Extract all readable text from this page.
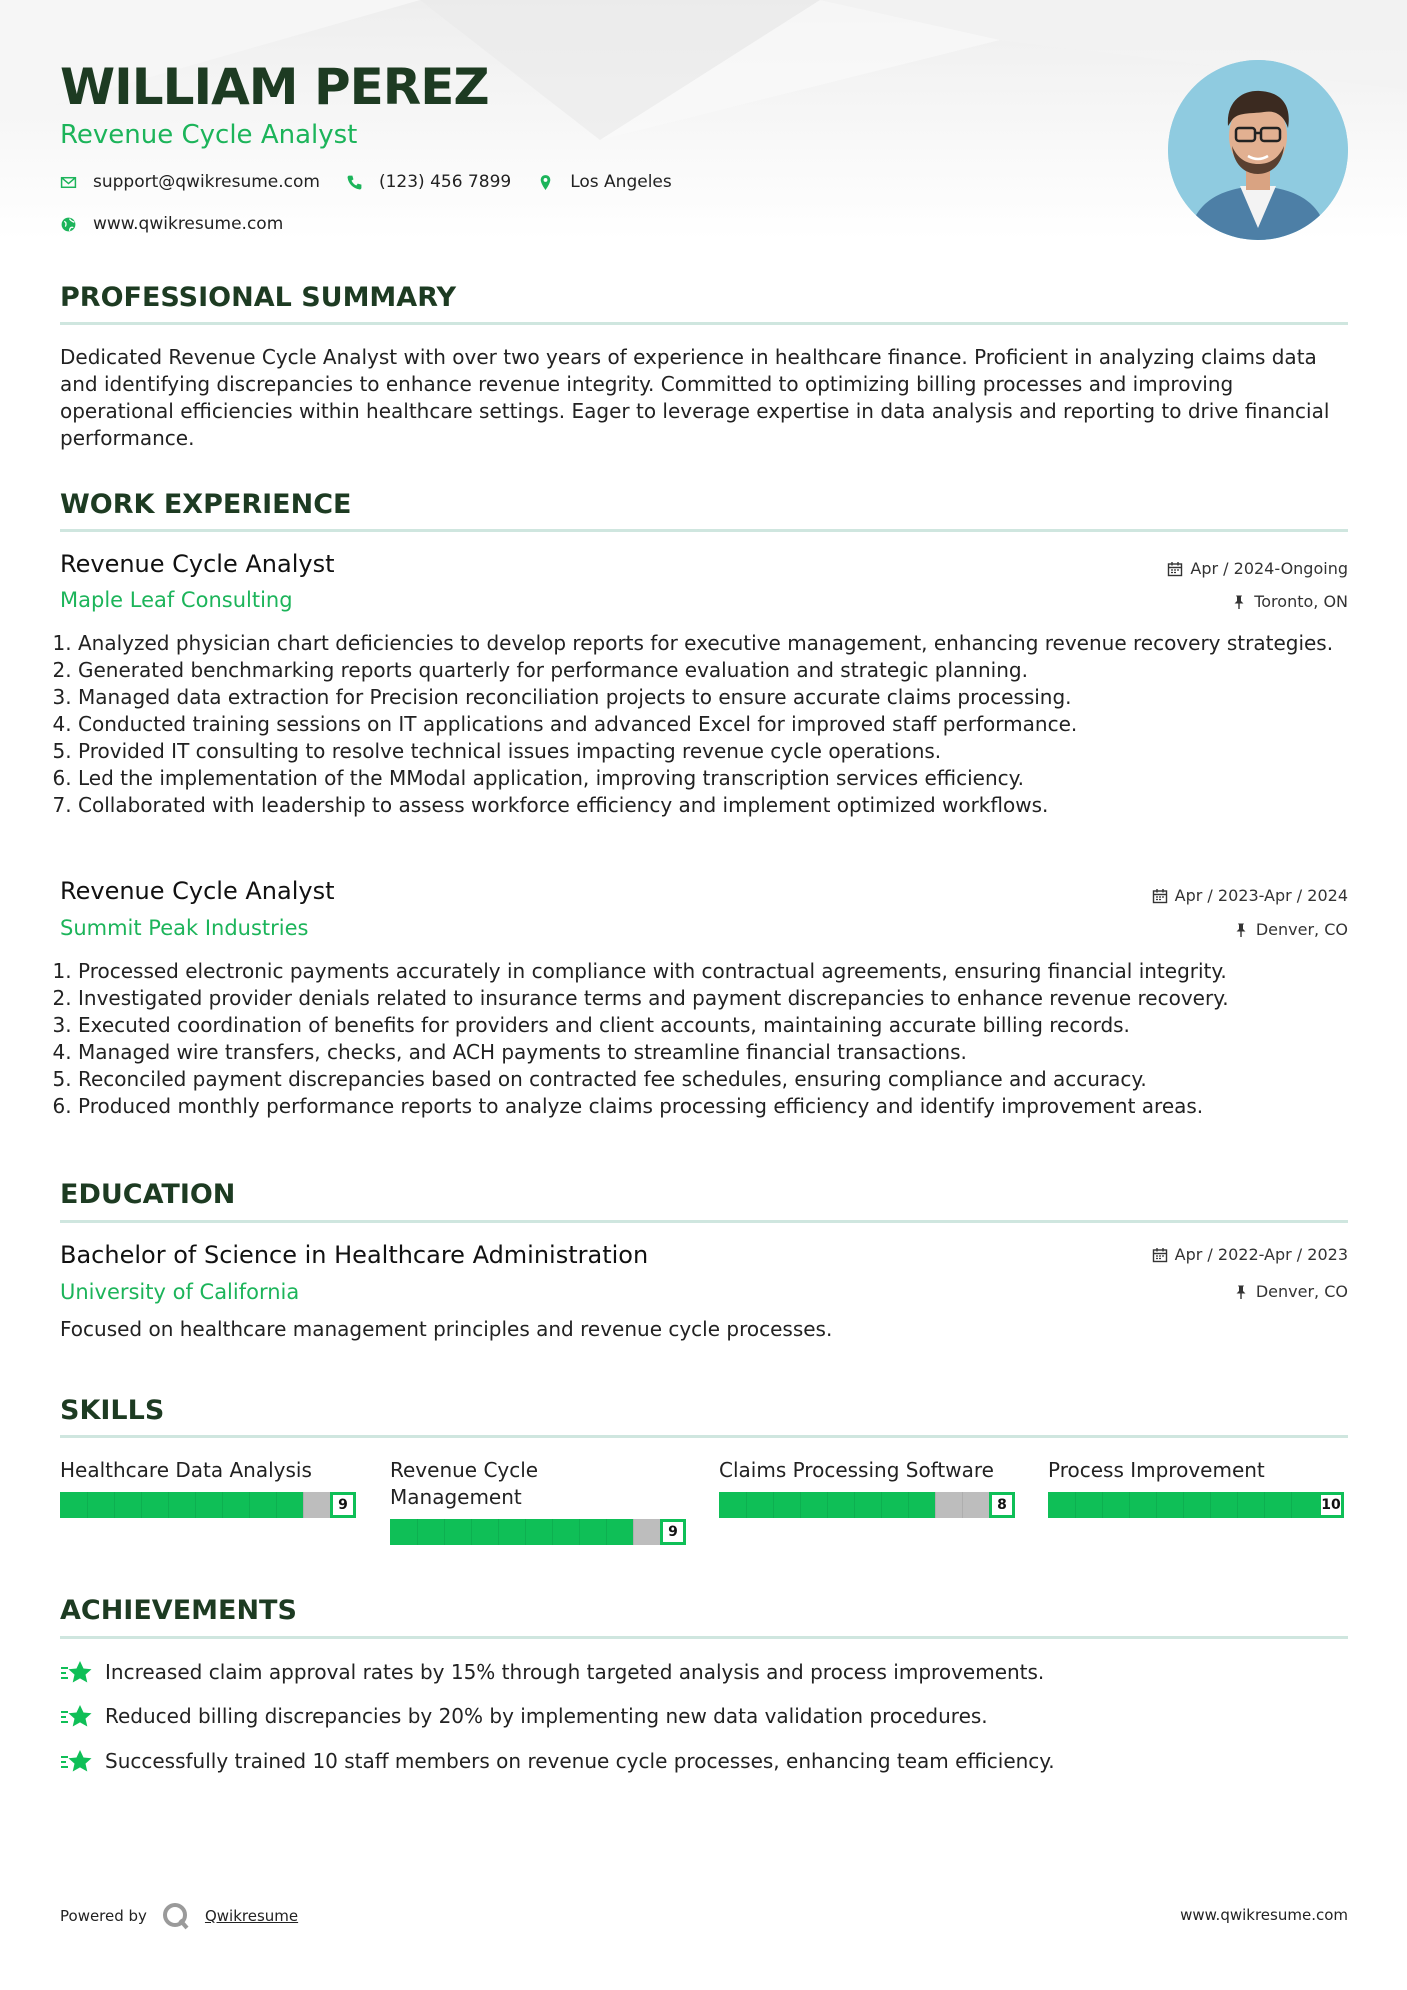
WILLIAM PEREZ
Revenue Cycle Analyst
support@qwikresume.com	(123) 456 7899	Los Angeles
www.qwikresume.com
PROFESSIONAL SUMMARY

Dedicated Revenue Cycle Analyst with over two years of experience in healthcare finance. Proficient in analyzing claims data and identifying discrepancies to enhance revenue integrity. Committed to optimizing billing processes and improving operational efficiencies within healthcare settings. Eager to leverage expertise in data analysis and reporting to drive financial performance.

WORK EXPERIENCE
Revenue Cycle Analyst	Apr / 2024-Ongoing
Maple Leaf Consulting	Toronto, ON
1. Analyzed physician chart deficiencies to develop reports for executive management, enhancing revenue recovery strategies.
2. Generated benchmarking reports quarterly for performance evaluation and strategic planning.
3. Managed data extraction for Precision reconciliation projects to ensure accurate claims processing.
4. Conducted training sessions on IT applications and advanced Excel for improved staff performance.
5. Provided IT consulting to resolve technical issues impacting revenue cycle operations.
6. Led the implementation of the MModal application, improving transcription services efficiency.
7. Collaborated with leadership to assess workforce efficiency and implement optimized workflows.
Revenue Cycle Analyst	Apr / 2023-Apr / 2024
Summit Peak Industries	Denver, CO
1. Processed electronic payments accurately in compliance with contractual agreements, ensuring financial integrity.
2. Investigated provider denials related to insurance terms and payment discrepancies to enhance revenue recovery.
3. Executed coordination of benefits for providers and client accounts, maintaining accurate billing records.
4. Managed wire transfers, checks, and ACH payments to streamline financial transactions.
5. Reconciled payment discrepancies based on contracted fee schedules, ensuring compliance and accuracy.
6. Produced monthly performance reports to analyze claims processing efficiency and identify improvement areas.
EDUCATION
Bachelor of Science in Healthcare Administration	Apr / 2022-Apr / 2023
University of California	Denver, CO

Focused on healthcare management principles and revenue cycle processes.

SKILLS
Healthcare Data Analysis
9
Revenue Cycle Management
9
Claims Processing Software
8
Process Improvement
10
ACHIEVEMENTS
Increased claim approval rates by 15% through targeted analysis and process improvements.
Reduced billing discrepancies by 20% by implementing new data validation procedures.
Successfully trained 10 staff members on revenue cycle processes, enhancing team efficiency.
Powered by	Qwikresume	www.qwikresume.com
